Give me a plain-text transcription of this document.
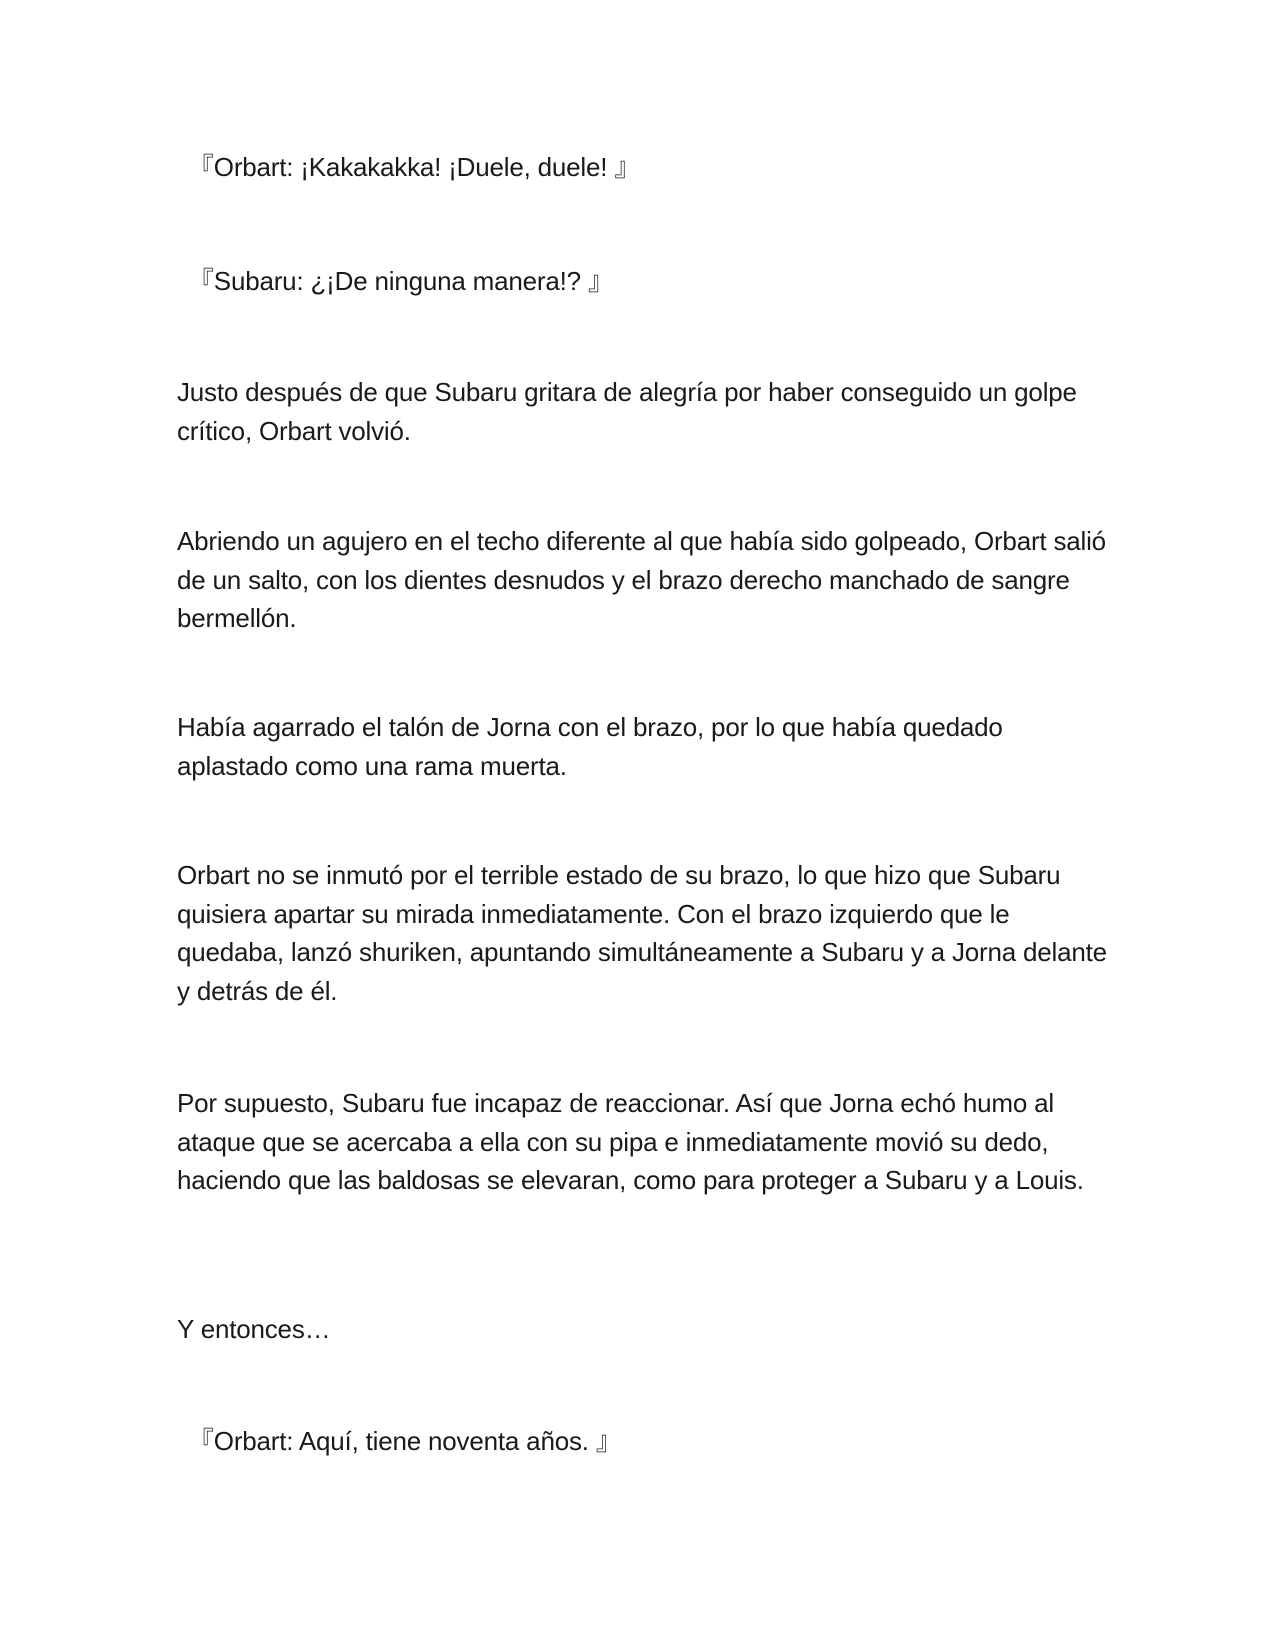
『Orbart: ¡Kakakakka! ¡Duele, duele! 』

『Subaru: ¿¡De ninguna manera!? 』

Justo después de que Subaru gritara de alegría por haber conseguido un golpe crítico, Orbart volvió.

Abriendo un agujero en el techo diferente al que había sido golpeado, Orbart salió de un salto, con los dientes desnudos y el brazo derecho manchado de sangre bermellón.

Había agarrado el talón de Jorna con el brazo, por lo que había quedado aplastado como una rama muerta.

Orbart no se inmutó por el terrible estado de su brazo, lo que hizo que Subaru quisiera apartar su mirada inmediatamente. Con el brazo izquierdo que le quedaba, lanzó shuriken, apuntando simultáneamente a Subaru y a Jorna delante y detrás de él.

Por supuesto, Subaru fue incapaz de reaccionar. Así que Jorna echó humo al ataque que se acercaba a ella con su pipa e inmediatamente movió su dedo, haciendo que las baldosas se elevaran, como para proteger a Subaru y a Louis.

Y entonces…

『Orbart: Aquí, tiene noventa años. 』
